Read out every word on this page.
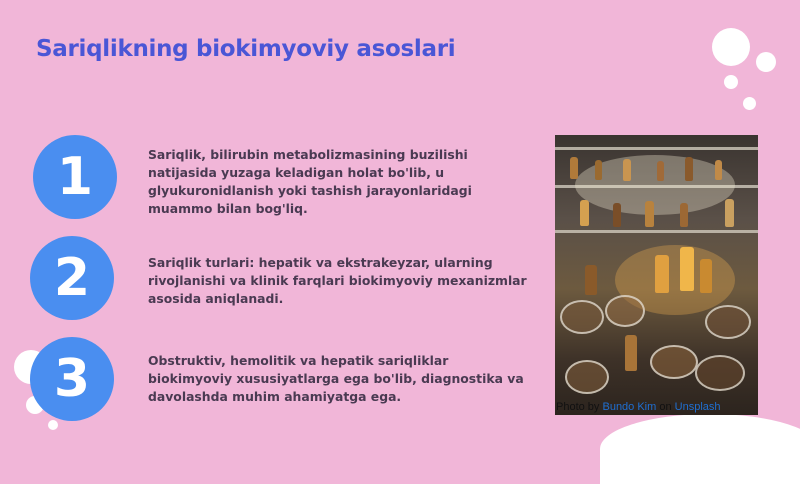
Sariqlikning biokimyoviy asoslari
1	Sariqlik, bilirubin metabolizmasining buzilishi natijasida yuzaga keladigan holat bo'lib, u glyukuronidlanish yoki tashish jarayonlaridagi muammo bilan bog'liq.
2	Sariqlik turlari: hepatik va ekstrakeyzar, ularning rivojlanishi va klinik farqlari biokimyoviy mexanizmlar asosida aniqlanadi.
3	Obstruktiv, hemolitik va hepatik sariqliklar biokimyoviy xususiyatlarga ega bo'lib, diagnostika va davolashda muhim ahamiyatga ega.
Photo by Bundo Kim on Unsplash
